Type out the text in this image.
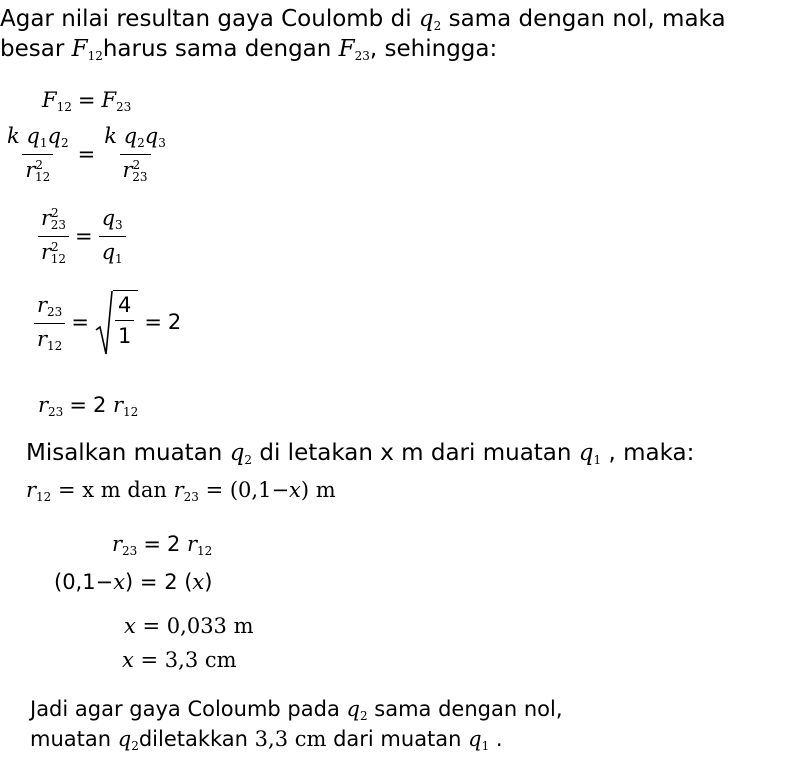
Agar nilai resultan gaya Coulomb di $q_2$ sama dengan nol, maka
besar $F_{12}harus$ sama dengan $F_{23}$, sehingga:
$F_{12} = F_{23}$
$\frac{k q_1q_2}{r^2_{12}} = \frac{k q_2q_3}{r^2_{23}}$
$\frac{r^2_{23}}{r^2_{12}} = \frac{q_3}{q_1}$
$\frac{r_{23}}{r_{12}} = \frac{4}{1} = 2$
$r_{23} = 2$ $r_{12}$
Misalkan muatan $q_2$ di letakan x m dari muatan $q_1$ , maka:
$r_{12} = x$ m dan $r_{23} = (0,1-x)$ m
$r_{23} = 2$ $r_{12}$
(0,1−x) = 2 (x)
x = 0,033 m
x = 3,3 cm
Jadi agar gaya Coloumb pada $q_2$ sama dengan nol,
muatan $q_2diletakkan$ 3,3 cm dari muatan $q_1$ .
